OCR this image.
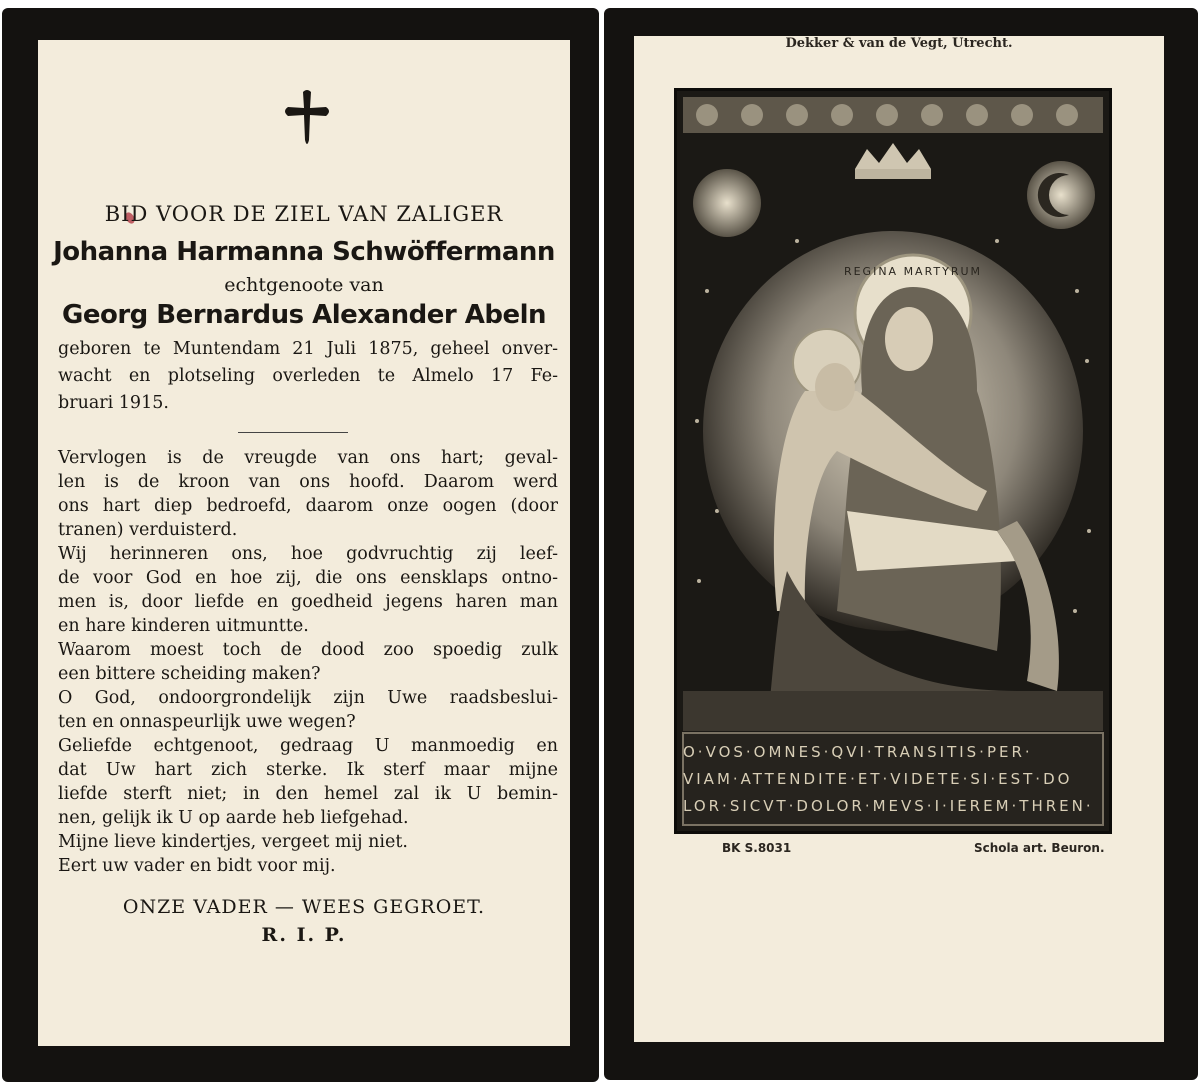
BID VOOR DE ZIEL VAN ZALIGER
Johanna Harmanna Schwöffermann
echtgenoote van
Georg Bernardus Alexander Abeln
geboren te Muntendam 21 Juli 1875, geheel onver-
wacht en plotseling overleden te Almelo 17 Fe-
bruari 1915.
Vervlogen is de vreugde van ons hart; geval-
len is de kroon van ons hoofd. Daarom werd
ons hart diep bedroefd, daarom onze oogen (door
tranen) verduisterd.
Wij herinneren ons, hoe godvruchtig zij leef-
de voor God en hoe zij, die ons eensklaps ontno-
men is, door liefde en goedheid jegens haren man
en hare kinderen uitmuntte.
Waarom moest toch de dood zoo spoedig zulk
een bittere scheiding maken?
O God, ondoorgrondelijk zijn Uwe raadsbeslui-
ten en onnaspeurlijk uwe wegen?
Geliefde echtgenoot, gedraag U manmoedig en
dat Uw hart zich sterke. Ik sterf maar mijne
liefde sterft niet; in den hemel zal ik U bemin-
nen, gelijk ik U op aarde heb liefgehad.
Mijne lieve kindertjes, vergeet mij niet.
Eert uw vader en bidt voor mij.
ONZE VADER — WEES GEGROET.
R. I. P.
REGINA MARTYRUM
O·VOS·OMNES·QVI·TRANSITIS·PER·
VIAM·ATTENDITE·ET·VIDETE·SI·EST·DO
LOR·SICVT·DOLOR·MEVS·I·IEREM·THREN·
BK S.8031	Schola art. Beuron.
Dekker & van de Vegt, Utrecht.
